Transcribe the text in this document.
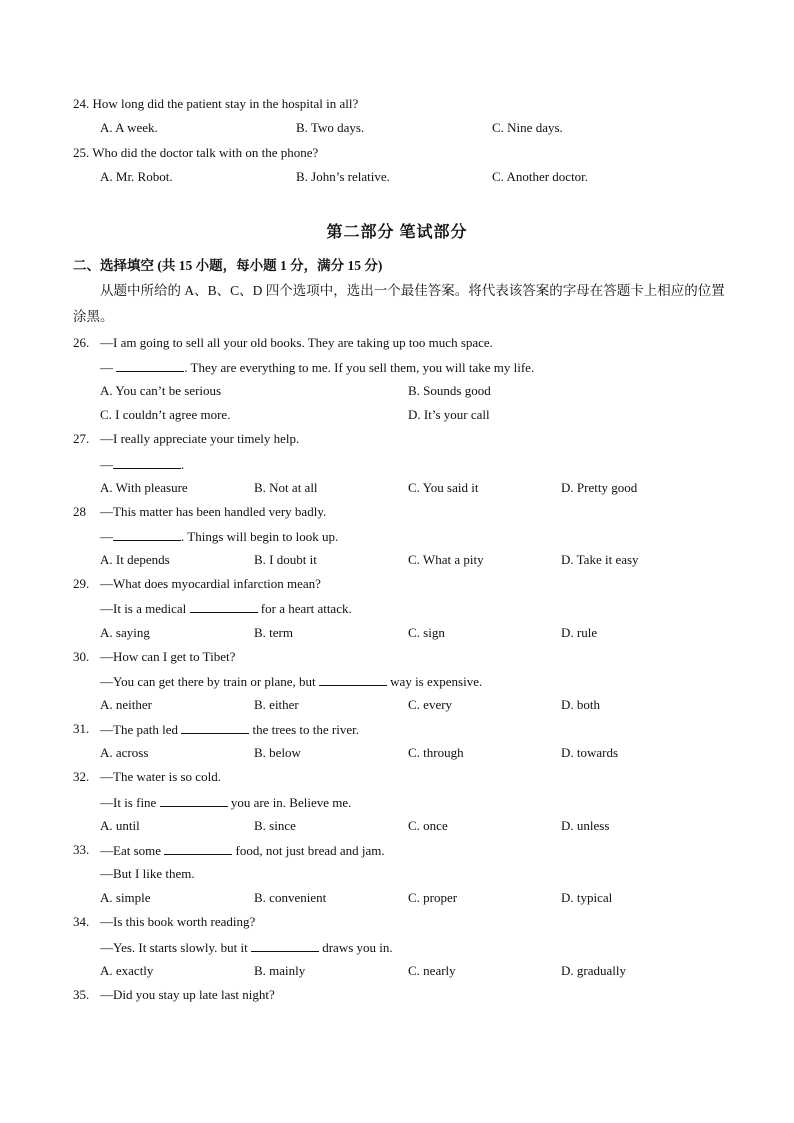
24. How long did the patient stay in the hospital in all?
A. A week.	B. Two days.	C. Nine days.
25. Who did the doctor talk with on the phone?
A. Mr. Robot.	B. John’s relative.	C. Another doctor.
第二部分 笔试部分
二、选择填空 (共 15 小题，每小题 1 分，满分 15 分)
从题中所给的 A、B、C、D 四个选项中，选出一个最佳答案。将代表该答案的字母在答题卡上相应的位置涂黑。
26. —I am going to sell all your old books. They are taking up too much space.
—	. They are everything to me. If you sell them, you will take my life.
A. You can’t be serious	B. Sounds good
C. I couldn’t agree more.	D. It’s your call
27. —I really appreciate your timely help.
—	.
A. With pleasure	B. Not at all	C. You said it	D. Pretty good
28 —This matter has been handled very badly.
—	. Things will begin to look up.
A. It depends	B. I doubt it	C. What a pity	D. Take it easy
29. —What does myocardial infarction mean?
—It is a medical	for a heart attack.
A. saying	B. term	C. sign	D. rule
30. —How can I get to Tibet?
—You can get there by train or plane, but	way is expensive.
A. neither	B. either	C. every	D. both
31. —The path led	the trees to the river.
A. across	B. below	C. through	D. towards
32. —The water is so cold.
—It is fine	you are in. Believe me.
A. until	B. since	C. once	D. unless
33. —Eat some	food, not just bread and jam.
—But I like them.
A. simple	B. convenient	C. proper	D. typical
34. —Is this book worth reading?
—Yes. It starts slowly. but it	draws you in.
A. exactly	B. mainly	C. nearly	D. gradually
35. —Did you stay up late last night?
